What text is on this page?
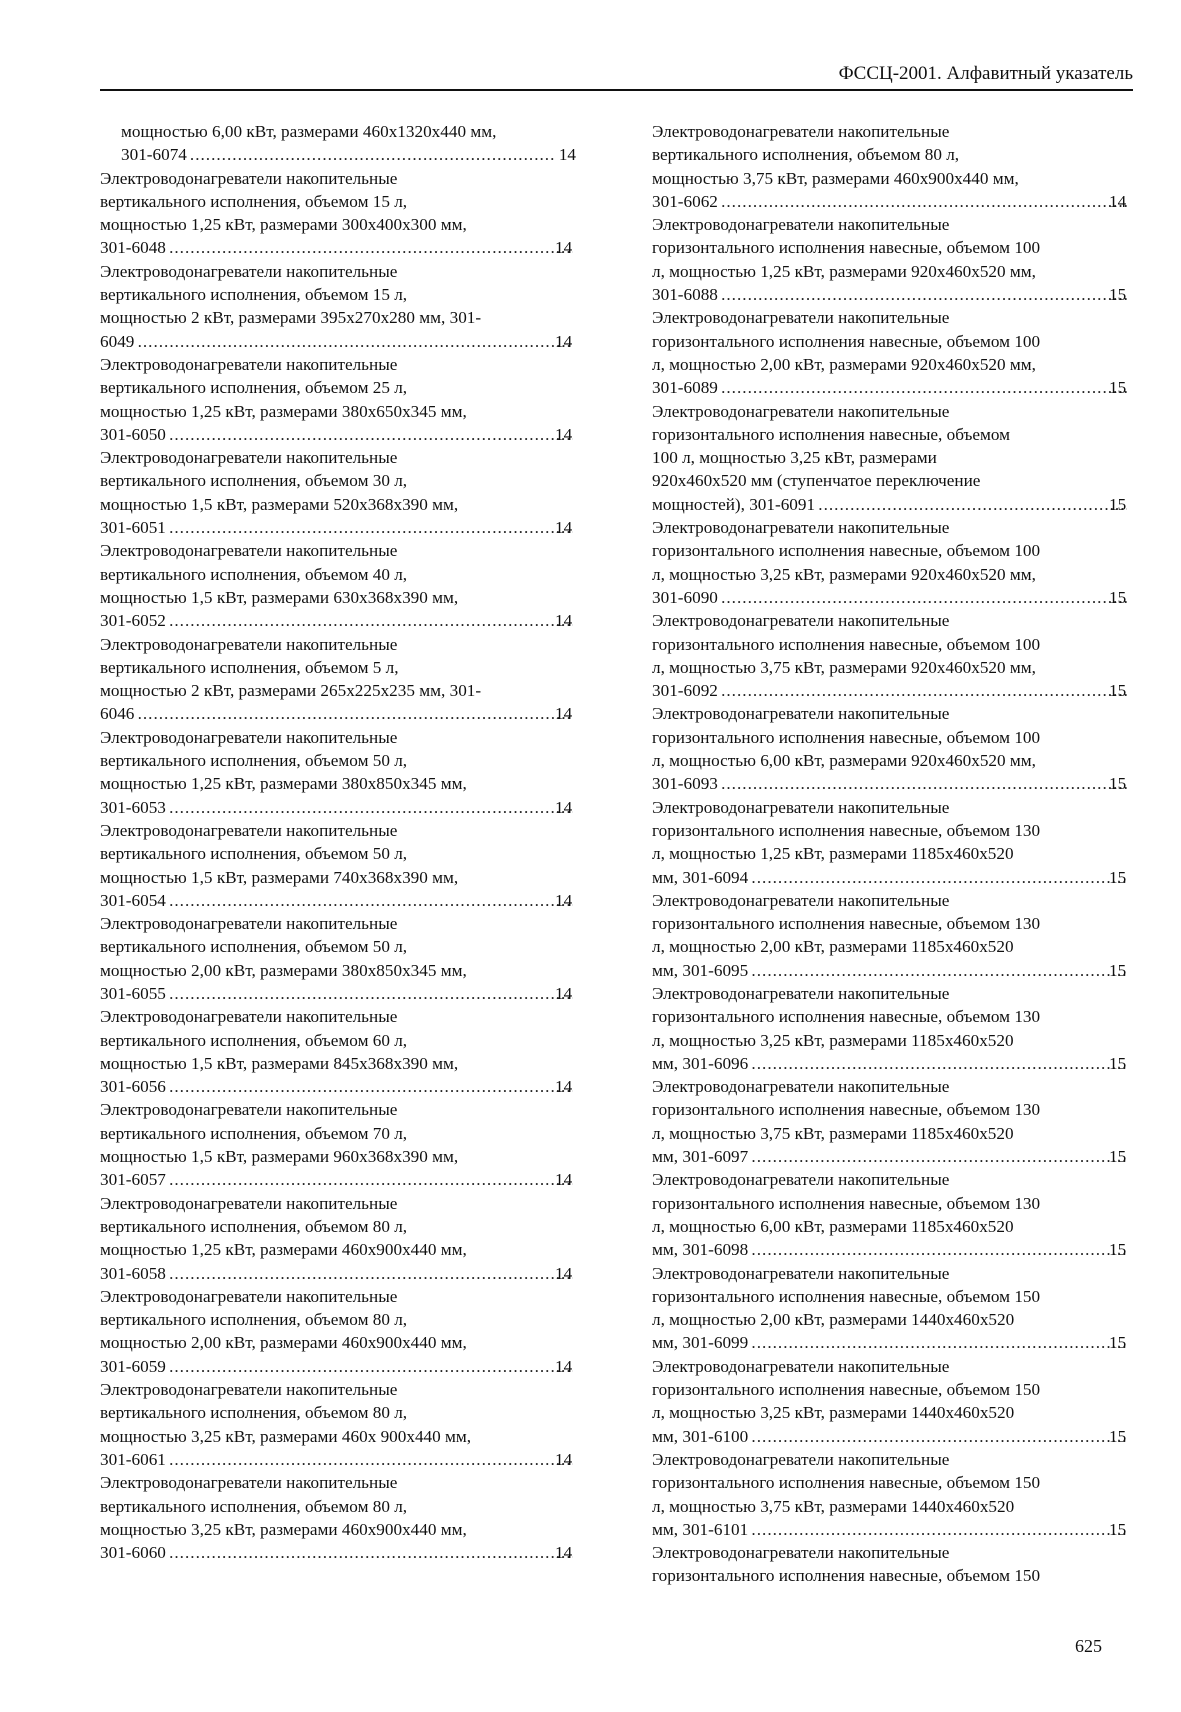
ФССЦ-2001. Алфавитный указатель
мощностью 6,00 кВт, размерами 460х1320х440 мм,
301-6074 .....	14
Электроводонагреватели накопительные
вертикального исполнения, объемом 15 л,
мощностью 1,25 кВт, размерами 300х400х300 мм,
301-6048 .....	14
Электроводонагреватели накопительные
вертикального исполнения, объемом 15 л,
мощностью 2 кВт, размерами 395х270х280 мм, 301-
6049 .....	14
Электроводонагреватели накопительные
вертикального исполнения, объемом 25 л,
мощностью 1,25 кВт, размерами 380х650х345 мм,
301-6050 .....	14
Электроводонагреватели накопительные
вертикального исполнения, объемом 30 л,
мощностью 1,5 кВт, размерами 520х368х390 мм,
301-6051 .....	14
Электроводонагреватели накопительные
вертикального исполнения, объемом 40 л,
мощностью 1,5 кВт, размерами 630х368х390 мм,
301-6052 .....	14
Электроводонагреватели накопительные
вертикального исполнения, объемом 5 л,
мощностью 2 кВт, размерами 265х225х235 мм, 301-
6046 .....	14
Электроводонагреватели накопительные
вертикального исполнения, объемом 50 л,
мощностью 1,25 кВт, размерами 380х850х345 мм,
301-6053 .....	14
Электроводонагреватели накопительные
вертикального исполнения, объемом 50 л,
мощностью 1,5 кВт, размерами 740х368х390 мм,
301-6054 .....	14
Электроводонагреватели накопительные
вертикального исполнения, объемом 50 л,
мощностью 2,00 кВт, размерами 380х850х345 мм,
301-6055 .....	14
Электроводонагреватели накопительные
вертикального исполнения, объемом 60 л,
мощностью 1,5 кВт, размерами 845х368х390 мм,
301-6056 .....	14
Электроводонагреватели накопительные
вертикального исполнения, объемом 70 л,
мощностью 1,5 кВт, размерами 960х368х390 мм,
301-6057 .....	14
Электроводонагреватели накопительные
вертикального исполнения, объемом 80 л,
мощностью 1,25 кВт, размерами 460х900х440 мм,
301-6058 .....	14
Электроводонагреватели накопительные
вертикального исполнения, объемом 80 л,
мощностью 2,00 кВт, размерами 460х900х440 мм,
301-6059 .....	14
Электроводонагреватели накопительные
вертикального исполнения, объемом 80 л,
мощностью 3,25 кВт, размерами 460х 900х440 мм,
301-6061 .....	14
Электроводонагреватели накопительные
вертикального исполнения, объемом 80 л,
мощностью 3,25 кВт, размерами 460х900х440 мм,
301-6060 .....	14
Электроводонагреватели накопительные
вертикального исполнения, объемом 80 л,
мощностью 3,75 кВт, размерами 460х900х440 мм,
301-6062 .....	14
Электроводонагреватели накопительные
горизонтального исполнения навесные, объемом 100
л, мощностью 1,25 кВт, размерами 920х460х520 мм,
301-6088 .....	15
Электроводонагреватели накопительные
горизонтального исполнения навесные, объемом 100
л, мощностью 2,00 кВт, размерами 920х460х520 мм,
301-6089 .....	15
Электроводонагреватели накопительные
горизонтального исполнения навесные, объемом
100 л, мощностью 3,25 кВт, размерами
920х460х520 мм (ступенчатое переключение
мощностей), 301-6091 .....	15
Электроводонагреватели накопительные
горизонтального исполнения навесные, объемом 100
л, мощностью 3,25 кВт, размерами 920х460х520 мм,
301-6090 .....	15
Электроводонагреватели накопительные
горизонтального исполнения навесные, объемом 100
л, мощностью 3,75 кВт, размерами 920х460х520 мм,
301-6092 .....	15
Электроводонагреватели накопительные
горизонтального исполнения навесные, объемом 100
л, мощностью 6,00 кВт, размерами 920х460х520 мм,
301-6093 .....	15
Электроводонагреватели накопительные
горизонтального исполнения навесные, объемом 130
л, мощностью 1,25 кВт, размерами 1185х460х520
мм, 301-6094 .....	15
Электроводонагреватели накопительные
горизонтального исполнения навесные, объемом 130
л, мощностью 2,00 кВт, размерами 1185х460х520
мм, 301-6095 .....	15
Электроводонагреватели накопительные
горизонтального исполнения навесные, объемом 130
л, мощностью 3,25 кВт, размерами 1185х460х520
мм, 301-6096 .....	15
Электроводонагреватели накопительные
горизонтального исполнения навесные, объемом 130
л, мощностью 3,75 кВт, размерами 1185х460х520
мм, 301-6097 .....	15
Электроводонагреватели накопительные
горизонтального исполнения навесные, объемом 130
л, мощностью 6,00 кВт, размерами 1185х460х520
мм, 301-6098 .....	15
Электроводонагреватели накопительные
горизонтального исполнения навесные, объемом 150
л, мощностью 2,00 кВт, размерами 1440х460х520
мм, 301-6099 .....	15
Электроводонагреватели накопительные
горизонтального исполнения навесные, объемом 150
л, мощностью 3,25 кВт, размерами 1440х460х520
мм, 301-6100 .....	15
Электроводонагреватели накопительные
горизонтального исполнения навесные, объемом 150
л, мощностью 3,75 кВт, размерами 1440х460х520
мм, 301-6101 .....	15
Электроводонагреватели накопительные
горизонтального исполнения навесные, объемом 150
625
